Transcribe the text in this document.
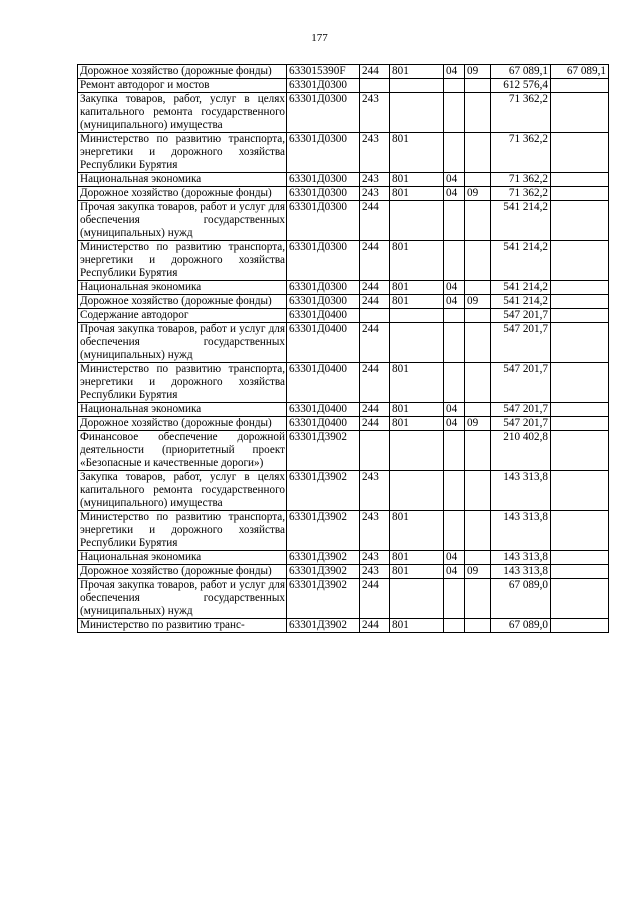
177
Дорожное хозяйство (дорожные фонды)	633015390F	244	801	04	09	67 089,1	67 089,1
Ремонт автодорог и мостов	63301Д0300					612 576,4	
Закупка товаров, работ, услуг в целях капитального ремонта государственного (муниципального) имущества	63301Д0300	243				71 362,2	
Министерство по развитию транспорта, энергетики и дорожного хозяйства Республики Бурятия	63301Д0300	243	801			71 362,2	
Национальная экономика	63301Д0300	243	801	04		71 362,2	
Дорожное хозяйство (дорожные фонды)	63301Д0300	243	801	04	09	71 362,2	
Прочая закупка товаров, работ и услуг для обеспечения государственных (муниципальных) нужд	63301Д0300	244				541 214,2	
Министерство по развитию транспорта, энергетики и дорожного хозяйства Республики Бурятия	63301Д0300	244	801			541 214,2	
Национальная экономика	63301Д0300	244	801	04		541 214,2	
Дорожное хозяйство (дорожные фонды)	63301Д0300	244	801	04	09	541 214,2	
Содержание автодорог	63301Д0400					547 201,7	
Прочая закупка товаров, работ и услуг для обеспечения государственных (муниципальных) нужд	63301Д0400	244				547 201,7	
Министерство по развитию транспорта, энергетики и дорожного хозяйства Республики Бурятия	63301Д0400	244	801			547 201,7	
Национальная экономика	63301Д0400	244	801	04		547 201,7	
Дорожное хозяйство (дорожные фонды)	63301Д0400	244	801	04	09	547 201,7	
Финансовое обеспечение дорожной деятельности (приоритетный проект «Безопасные и качественные дороги»)	63301Д3902					210 402,8	
Закупка товаров, работ, услуг в целях капитального ремонта государственного (муниципального) имущества	63301Д3902	243				143 313,8	
Министерство по развитию транспорта, энергетики и дорожного хозяйства Республики Бурятия	63301Д3902	243	801			143 313,8	
Национальная экономика	63301Д3902	243	801	04		143 313,8	
Дорожное хозяйство (дорожные фонды)	63301Д3902	243	801	04	09	143 313,8	
Прочая закупка товаров, работ и услуг для обеспечения государственных (муниципальных) нужд	63301Д3902	244				67 089,0	
Министерство по развитию транс-	63301Д3902	244	801			67 089,0	
